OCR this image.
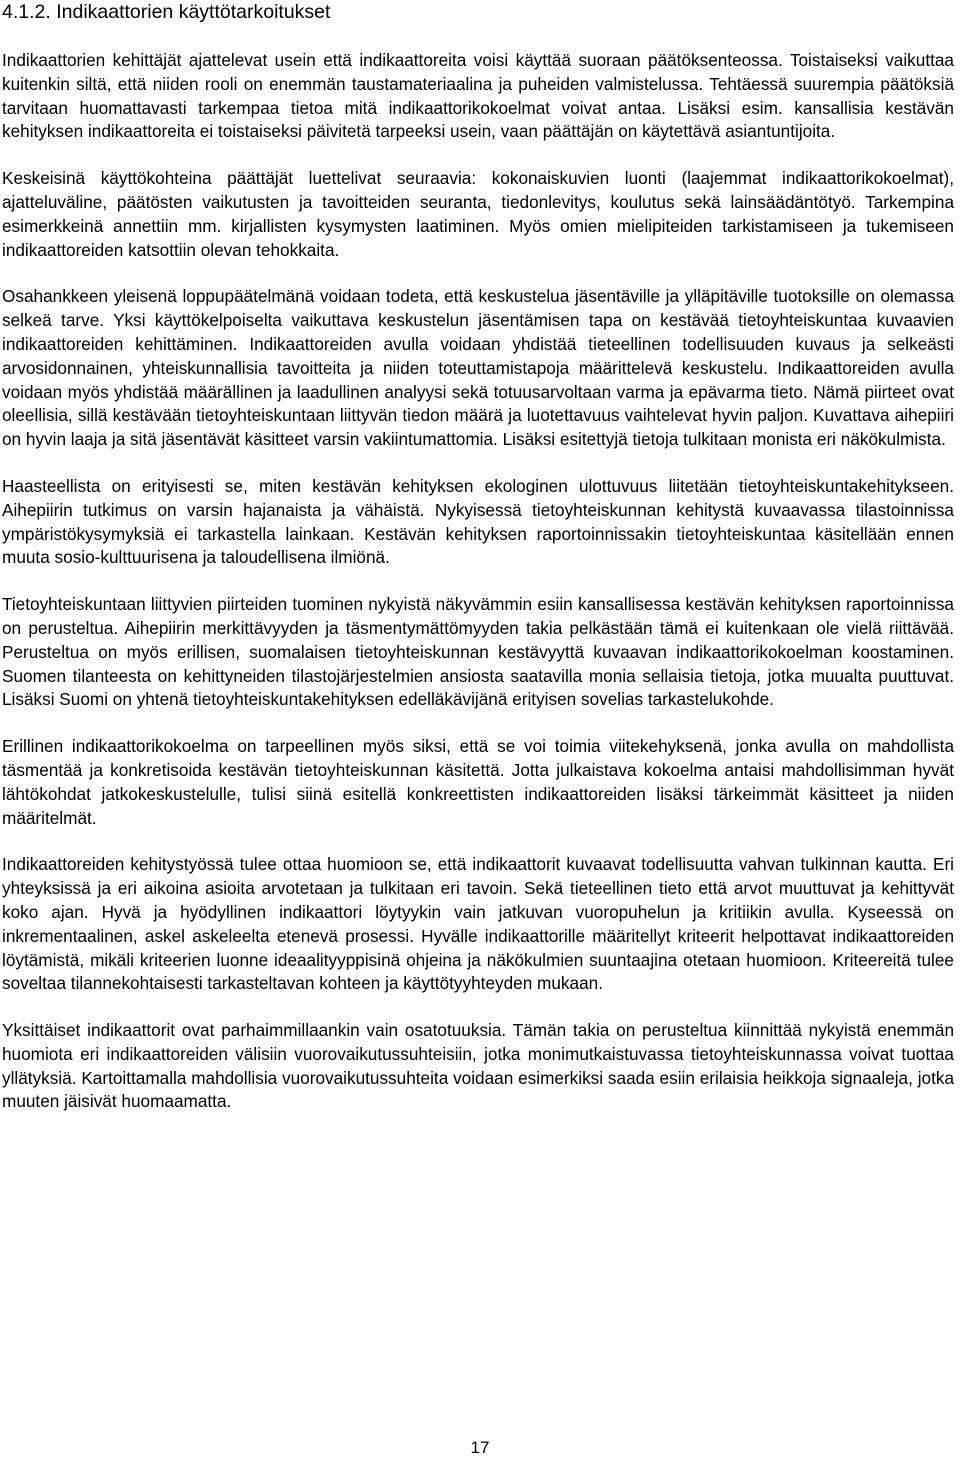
4.1.2. Indikaattorien käyttötarkoitukset

Indikaattorien kehittäjät ajattelevat usein että indikaattoreita voisi käyttää suoraan päätöksenteossa. Toistaiseksi vaikuttaa kuitenkin siltä, että niiden rooli on enemmän taustamateriaalina ja puheiden valmistelussa. Tehtäessä suurempia päätöksiä tarvitaan huomattavasti tarkempaa tietoa mitä indikaattorikokoelmat voivat antaa. Lisäksi esim. kansallisia kestävän kehityksen indikaattoreita ei toistaiseksi päivitetä tarpeeksi usein, vaan päättäjän on käytettävä asiantuntijoita.

Keskeisinä käyttökohteina päättäjät luettelivat seuraavia: kokonaiskuvien luonti (laajemmat indikaattorikokoelmat), ajatteluväline, päätösten vaikutusten ja tavoitteiden seuranta, tiedonlevitys, koulutus sekä lainsäädäntötyö. Tarkempina esimerkkeinä annettiin mm. kirjallisten kysymysten laatiminen. Myös omien mielipiteiden tarkistamiseen ja tukemiseen indikaattoreiden katsottiin olevan tehokkaita.

Osahankkeen yleisenä loppupäätelmänä voidaan todeta, että keskustelua jäsentäville ja ylläpitäville tuotoksille on olemassa selkeä tarve. Yksi käyttökelpoiselta vaikuttava keskustelun jäsentämisen tapa on kestävää tietoyhteiskuntaa kuvaavien indikaattoreiden kehittäminen. Indikaattoreiden avulla voidaan yhdistää tieteellinen todellisuuden kuvaus ja selkeästi arvosidonnainen, yhteiskunnallisia tavoitteita ja niiden toteuttamistapoja määrittelevä keskustelu. Indikaattoreiden avulla voidaan myös yhdistää määrällinen ja laadullinen analyysi sekä totuusarvoltaan varma ja epävarma tieto. Nämä piirteet ovat oleellisia, sillä kestävään tietoyhteiskuntaan liittyvän tiedon määrä ja luotettavuus vaihtelevat hyvin paljon. Kuvattava aihepiiri on hyvin laaja ja sitä jäsentävät käsitteet varsin vakiintumattomia. Lisäksi esitettyjä tietoja tulkitaan monista eri näkökulmista.

Haasteellista on erityisesti se, miten kestävän kehityksen ekologinen ulottuvuus liitetään tietoyhteiskuntakehitykseen. Aihepiirin tutkimus on varsin hajanaista ja vähäistä. Nykyisessä tietoyhteiskunnan kehitystä kuvaavassa tilastoinnissa ympäristökysymyksiä ei tarkastella lainkaan. Kestävän kehityksen raportoinnissakin tietoyhteiskuntaa käsitellään ennen muuta sosio-kulttuurisena ja taloudellisena ilmiönä.

Tietoyhteiskuntaan liittyvien piirteiden tuominen nykyistä näkyvämmin esiin kansallisessa kestävän kehityksen raportoinnissa on perusteltua. Aihepiirin merkittävyyden ja täsmentymättömyyden takia pelkästään tämä ei kuitenkaan ole vielä riittävää. Perusteltua on myös erillisen, suomalaisen tietoyhteiskunnan kestävyyttä kuvaavan indikaattorikokoelman koostaminen. Suomen tilanteesta on kehittyneiden tilastojärjestelmien ansiosta saatavilla monia sellaisia tietoja, jotka muualta puuttuvat. Lisäksi Suomi on yhtenä tietoyhteiskuntakehityksen edelläkävijänä erityisen sovelias tarkastelukohde.

Erillinen indikaattorikokoelma on tarpeellinen myös siksi, että se voi toimia viitekehyksenä, jonka avulla on mahdollista täsmentää ja konkretisoida kestävän tietoyhteiskunnan käsitettä. Jotta julkaistava kokoelma antaisi mahdollisimman hyvät lähtökohdat jatkokeskustelulle, tulisi siinä esitellä konkreettisten indikaattoreiden lisäksi tärkeimmät käsitteet ja niiden määritelmät.

Indikaattoreiden kehitystyössä tulee ottaa huomioon se, että indikaattorit kuvaavat todellisuutta vahvan tulkinnan kautta. Eri yhteyksissä ja eri aikoina asioita arvotetaan ja tulkitaan eri tavoin. Sekä tieteellinen tieto että arvot muuttuvat ja kehittyvät koko ajan. Hyvä ja hyödyllinen indikaattori löytyykin vain jatkuvan vuoropuhelun ja kritiikin avulla. Kyseessä on inkrementaalinen, askel askeleelta etenevä prosessi. Hyvälle indikaattorille määritellyt kriteerit helpottavat indikaattoreiden löytämistä, mikäli kriteerien luonne ideaalityyppisinä ohjeina ja näkökulmien suuntaajina otetaan huomioon. Kriteereitä tulee soveltaa tilannekohtaisesti tarkasteltavan kohteen ja käyttötyyhteyden mukaan.

Yksittäiset indikaattorit ovat parhaimmillaankin vain osatotuuksia. Tämän takia on perusteltua kiinnittää nykyistä enemmän huomiota eri indikaattoreiden välisiin vuorovaikutussuhteisiin, jotka monimutkaistuvassa tietoyhteiskunnassa voivat tuottaa yllätyksiä. Kartoittamalla mahdollisia vuorovaikutussuhteita voidaan esimerkiksi saada esiin erilaisia heikkoja signaaleja, jotka muuten jäisivät huomaamatta.

17
